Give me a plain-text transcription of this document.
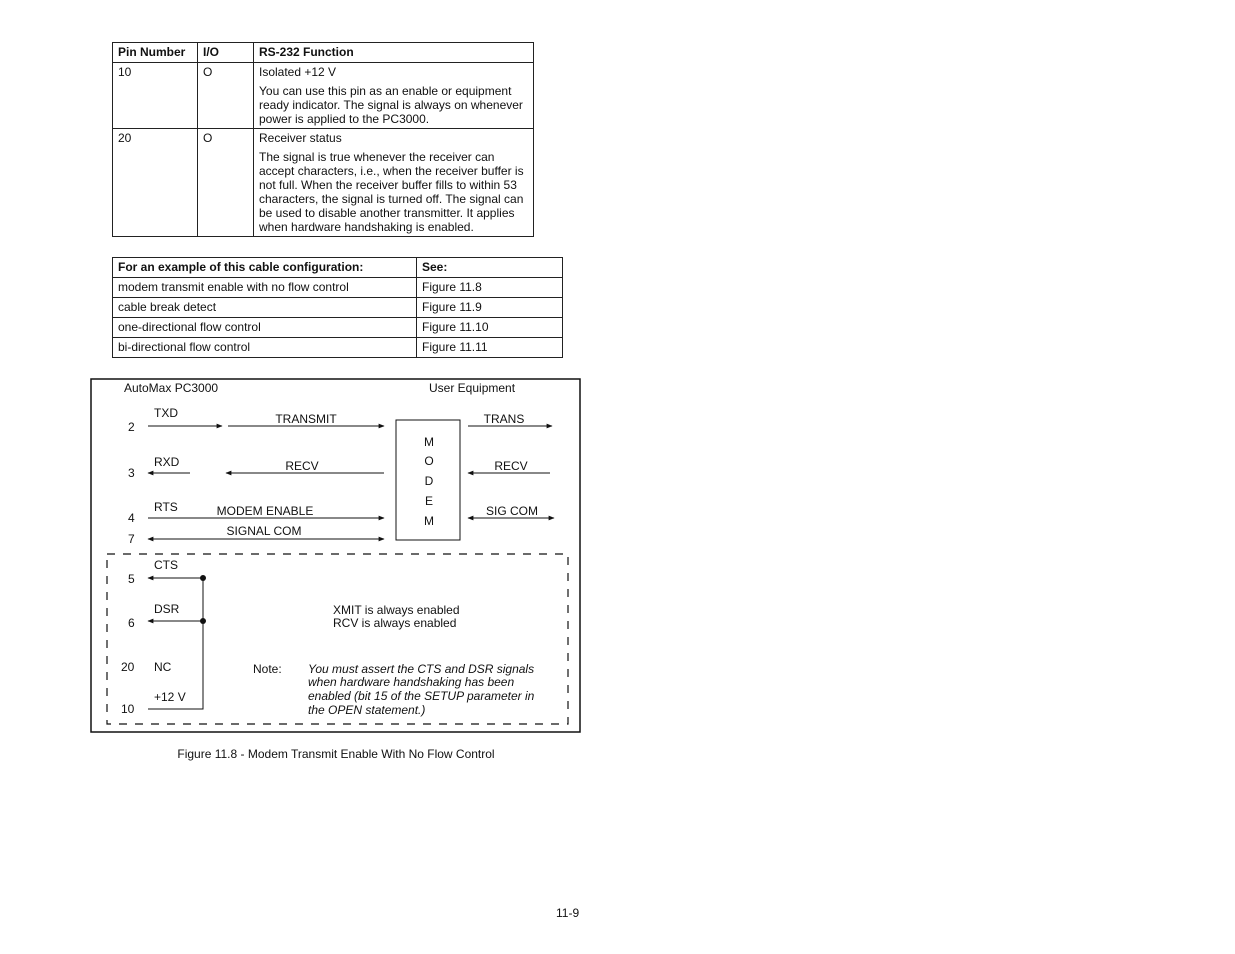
Pin Number	I/O	RS-232 Function
10	O	Isolated +12 V

You can use this pin as an enable or equipment ready indicator. The signal is always on whenever power is applied to the PC3000.

20	O	Receiver status

The signal is true whenever the receiver can accept characters, i.e., when the receiver buffer is not full. When the receiver buffer fills to within 53 characters, the signal is turned off. The signal can be used to disable another transmitter. It applies when hardware handshaking is enabled.

For an example of this cable configuration:	See:
modem transmit enable with no flow control	Figure 11.8
cable break detect	Figure 11.9
one-directional flow control	Figure 11.10
bi-directional flow control	Figure 11.11
AutoMax PC3000	User Equipment
M
O
D
E
M
2
3
4
7
5
6
20
10
TXD
RXD
RTS
CTS
DSR
NC
+12 V
TRANSMIT	TRANS
RECV	RECV
MODEM ENABLE	SIG COM
SIGNAL COM
XMIT is always enabled
RCV is always enabled
Note: You must assert the CTS and DSR signals
when hardware handshaking has been
enabled (bit 15 of the SETUP parameter in
the OPEN statement.)
Figure 11.8 - Modem Transmit Enable With No Flow Control
11-9
